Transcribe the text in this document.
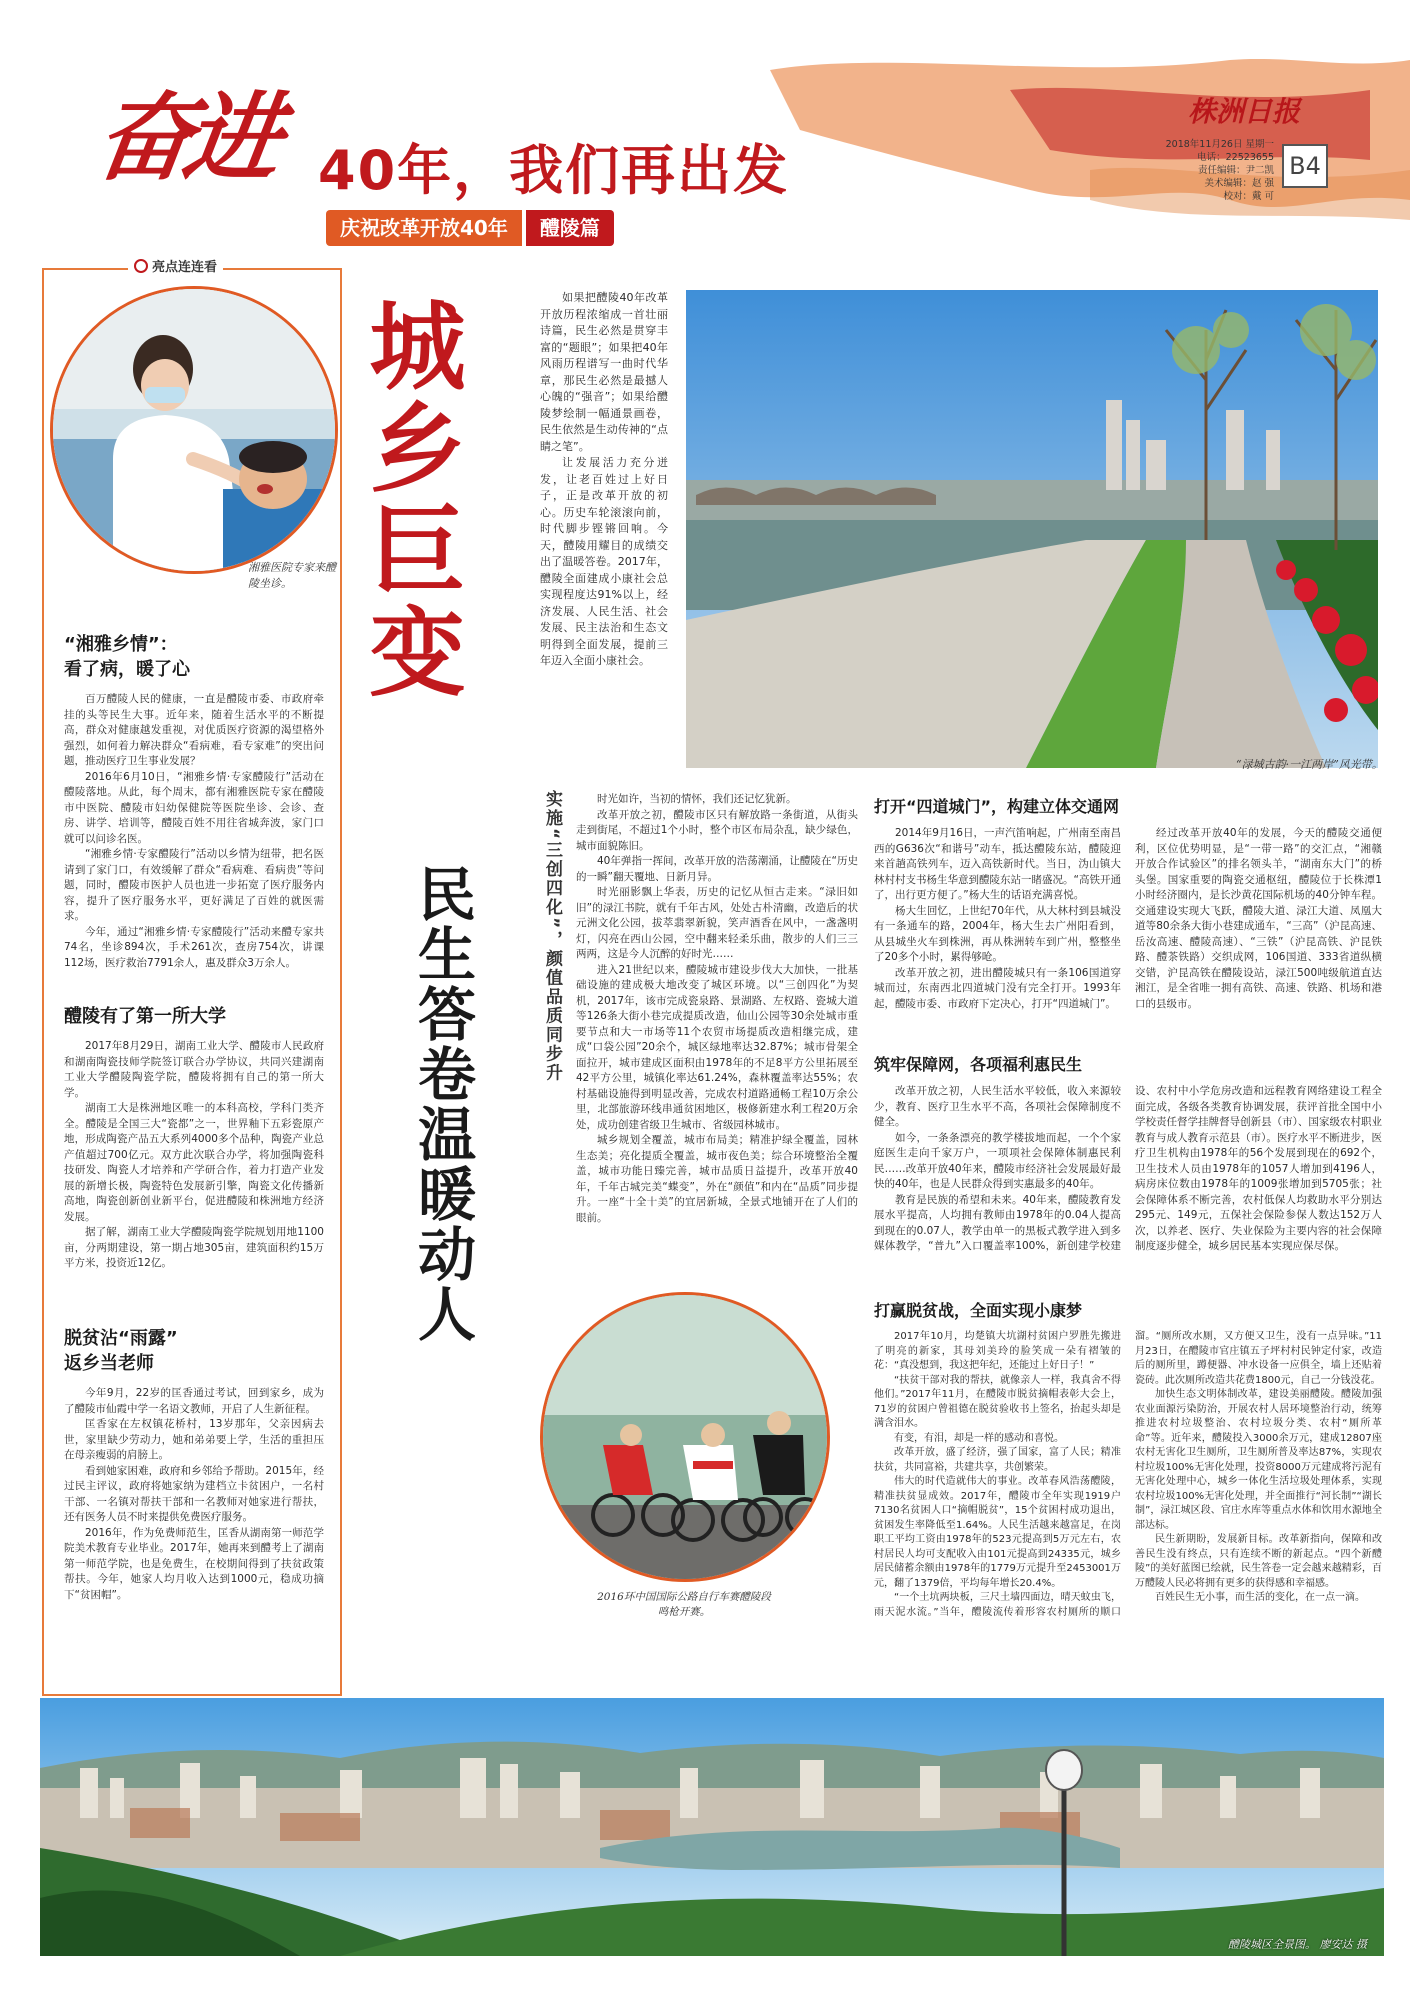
奋进 40年，我们再出发
庆祝改革开放40年	醴陵篇
株洲日报
2018年11月26日 星期一
电话：22523655
责任编辑：尹二凯
美术编辑：赵 强
校对：戴 可
B4
亮点连连看
湘雅医院专家来醴陵坐诊。
“湘雅乡情”：
看了病，暖了心

百万醴陵人民的健康，一直是醴陵市委、市政府牵挂的头等民生大事。近年来，随着生活水平的不断提高，群众对健康越发重视，对优质医疗资源的渴望格外强烈，如何着力解决群众“看病难，看专家难”的突出问题，推动医疗卫生事业发展？

2016年6月10日，“湘雅乡情·专家醴陵行”活动在醴陵落地。从此，每个周末，都有湘雅医院专家在醴陵市中医院、醴陵市妇幼保健院等医院坐诊、会诊、查房、讲学、培训等，醴陵百姓不用往省城奔波，家门口就可以问诊名医。

“湘雅乡情·专家醴陵行”活动以乡情为纽带，把名医请到了家门口，有效缓解了群众“看病难、看病贵”等问题，同时，醴陵市医护人员也进一步拓宽了医疗服务内容，提升了医疗服务水平，更好满足了百姓的就医需求。

今年，通过“湘雅乡情·专家醴陵行”活动来醴专家共74名，坐诊894次，手术261次，查房754次，讲课112场，医疗救治7791余人，惠及群众3万余人。

醴陵有了第一所大学

2017年8月29日，湖南工业大学、醴陵市人民政府和湖南陶瓷技师学院签订联合办学协议，共同兴建湖南工业大学醴陵陶瓷学院，醴陵将拥有自己的第一所大学。

湖南工大是株洲地区唯一的本科高校，学科门类齐全。醴陵是全国三大“瓷都”之一，世界釉下五彩瓷原产地，形成陶瓷产品五大系列4000多个品种，陶瓷产业总产值超过700亿元。双方此次联合办学，将加强陶瓷科技研发、陶瓷人才培养和产学研合作，着力打造产业发展的新增长极，陶瓷特色发展新引擎，陶瓷文化传播新高地，陶瓷创新创业新平台，促进醴陵和株洲地方经济发展。

据了解，湖南工业大学醴陵陶瓷学院规划用地1100亩，分两期建设，第一期占地305亩，建筑面积约15万平方米，投资近12亿。

脱贫沾“雨露”
返乡当老师

今年9月，22岁的匡香通过考试，回到家乡，成为了醴陵市仙霞中学一名语文教师，开启了人生新征程。

匡香家在左权镇花桥村，13岁那年，父亲因病去世，家里缺少劳动力，她和弟弟要上学，生活的重担压在母亲瘦弱的肩膀上。

看到她家困难，政府和乡邻给予帮助。2015年，经过民主评议，政府将她家纳为建档立卡贫困户，一名村干部、一名镇对帮扶干部和一名教师对她家进行帮扶，还有医务人员不时来提供免费医疗服务。

2016年，作为免费师范生，匡香从湖南第一师范学院美术教育专业毕业。2017年，她再来到醴考上了湖南第一师范学院，也是免费生，在校期间得到了扶贫政策帮扶。今年，她家人均月收入达到1000元，稳成功摘下“贫困帽”。

城乡巨变	如果把醴陵40年改革开放历程浓缩成一首壮丽诗篇，民生必然是贯穿丰富的“题眼”；如果把40年风雨历程谱写一曲时代华章，那民生必然是最撼人心魄的“强音”；如果给醴陵梦绘制一幅通景画卷，民生依然是生动传神的“点睛之笔”。

让发展活力充分迸发，让老百姓过上好日子，正是改革开放的初心。历史车轮滚滚向前，时代脚步铿锵回响。今天，醴陵用耀目的成绩交出了温暖答卷。2017年，醴陵全面建成小康社会总实现程度达91%以上，经济发展、人民生活、社会发展、民主法治和生态文明得到全面发展，提前三年迈入全面小康社会。

“渌城古韵·一江两岸”风光带。
民生答卷温暖动人	实施“三创四化”，颜值品质同步升	时光如许，当初的情怀，我们还记忆犹新。

改革开放之初，醴陵市区只有解放路一条街道，从街头走到街尾，不超过1个小时，整个市区布局杂乱，缺少绿色，城市面貌陈旧。

40年弹指一挥间，改革开放的浩荡潮涌，让醴陵在“历史的一瞬”翻天覆地、日新月异。

时光丽影飘上华表，历史的记忆从恒古走来。“渌旧如旧”的渌江书院，就有千年古风，处处古朴清幽，改造后的状元洲文化公园，拔萃翡翠新貌，笑声酒香在风中，一盏盏明灯，闪亮在西山公园，空中翻来轻柔乐曲，散步的人们三三两两，这是今人沉醉的好时光……

进入21世纪以来，醴陵城市建设步伐大大加快，一批基础设施的建成极大地改变了城区环境。以“三创四化”为契机，2017年，该市完成瓷泉路、景湖路、左权路、瓷城大道等126条大街小巷完成提质改造，仙山公园等30余处城市重要节点和大一市场等11个农贸市场提质改造相继完成，建成“口袋公园”20余个，城区绿地率达32.87%；城市骨架全面拉开，城市建成区面积由1978年的不足8平方公里拓展至42平方公里，城镇化率达61.24%，森林覆盖率达55%；农村基础设施得到明显改善，完成农村道路通畅工程10万余公里，北部旅游环线串通贫困地区，极修新建水利工程20万余处，成功创建省级卫生城市、省级园林城市。

城乡规划全覆盖，城市布局美；精准护绿全覆盖，园林生态美；亮化提质全覆盖，城市夜色美；综合环境整治全覆盖，城市功能日臻完善，城市品质日益提升，改革开放40年，千年古城完美“蝶变”，外在“颜值”和内在“品质”同步提升。一座“十全十美”的宜居新城，全景式地铺开在了人们的眼前。

2016环中国国际公路自行车赛醴陵段鸣枪开赛。
打开“四道城门”，构建立体交通网

2014年9月16日，一声汽笛响起，广州南至南昌西的G636次“和谐号”动车，抵达醴陵东站，醴陵迎来首趟高铁列车，迈入高铁新时代。当日，沩山镇大林村村支书杨生华意到醴陵东站一睹盛况。“高铁开通了，出行更方便了。”杨大生的话语充满喜悦。

杨大生回忆，上世纪70年代，从大林村到县城没有一条通车的路，2004年，杨大生去广州阳看到，从县城坐火车到株洲，再从株洲转车到广州，整整坐了20多个小时，累得够呛。

改革开放之初，进出醴陵城只有一条106国道穿城而过，东南西北四道城门没有完全打开。1993年起，醴陵市委、市政府下定决心，打开“四道城门”。

经过改革开放40年的发展，今天的醴陵交通便利，区位优势明显，是“一带一路”的交汇点，“湘赣开放合作试验区”的排名领头羊，“湖南东大门”的桥头堡。国家重要的陶瓷交通枢纽，醴陵位于长株潭1小时经济圈内，是长沙黄花国际机场的40分钟车程。交通建设实现大飞跃，醴陵大道、渌江大道、凤凰大道等80余条大街小巷建成通车，“三高”（沪昆高速、岳汝高速、醴陵高速）、“三铁”（沪昆高铁、沪昆铁路、醴茶铁路）交织成网，106国道、333省道纵横交错，沪昆高铁在醴陵设站，渌江500吨级航道直达湘江，是全省唯一拥有高铁、高速、铁路、机场和港口的县级市。

筑牢保障网，各项福利惠民生

改革开放之初，人民生活水平较低，收入来源较少，教育、医疗卫生水平不高，各项社会保障制度不健全。

如今，一条条漂亮的教学楼拔地而起，一个个家庭医生走向千家万户，一项项社会保障体制惠民利民……改革开放40年来，醴陵市经济社会发展最好最快的40年，也是人民群众得到实惠最多的40年。

教育是民族的希望和未来。40年来，醴陵教育发展水平提高，人均拥有教师由1978年的0.04人提高到现在的0.07人，教学由单一的黑板式教学进入到多媒体教学，“普九”入口覆盖率100%，新创建学校建设、农村中小学危房改造和远程教育网络建设工程全面完成，各级各类教育协调发展，获评首批全国中小学校责任督学挂牌督导创新县（市）、国家级农村职业教育与成人教育示范县（市）。医疗水平不断进步，医疗卫生机构由1978年的56个发展到现在的692个，卫生技术人员由1978年的1057人增加到4196人，病房床位数由1978年的1009张增加到5705张；社会保障体系不断完善，农村低保人均救助水平分别达295元、149元，五保社会保险参保人数达152万人次，以养老、医疗、失业保险为主要内容的社会保障制度逐步健全，城乡居民基本实现应保尽保。

打赢脱贫战，全面实现小康梦

2017年10月，均楚镇大坑湖村贫困户罗胜先搬进了明亮的新家，其母刘美玲的脸笑成一朵有褶皱的花：“真没想到，我这把年纪，还能过上好日子！”

“扶贫干部对我的帮扶，就像亲人一样，我真舍不得他们。”2017年11月，在醴陵市脱贫摘帽表彰大会上，71岁的贫困户曾祖德在脱贫验收书上签名，抬起头却是满含泪水。

有变，有泪，却是一样的感动和喜悦。

改革开放，盛了经济，强了国家，富了人民；精准扶贫，共同富裕，共建共享，共创繁荣。

伟大的时代造就伟大的事业。改革春风浩荡醴陵，精准扶贫显成效。2017年，醴陵市全年实现1919户7130名贫困人口“摘帽脱贫”，15个贫困村成功退出，贫困发生率降低至1.64%。人民生活越来越富足，在岗职工平均工资由1978年的523元提高到5万元左右，农村居民人均可支配收入由101元提高到24335元，城乡居民储蓄余额由1978年的1779万元提升至2453001万元，翻了1379倍，平均每年增长20.4%。

“一个土坑两块板，三尺土墙四面边，晴天蚊虫飞，雨天泥水流。”当年，醴陵流传着形容农村厕所的顺口溜。“厕所改水厕，又方便又卫生，没有一点异味。”11月23日，在醴陵市官庄镇五子坪村村民钟定付家，改造后的厕所里，蹲便器、冲水设备一应俱全，墙上还贴着瓷砖。此次厕所改造共花费1800元，自己一分钱没花。

加快生态文明体制改革，建设美丽醴陵。醴陵加强农业面源污染防治，开展农村人居环境整治行动，统筹推进农村垃圾整治、农村垃圾分类、农村“厕所革命”等。近年来，醴陵投入3000余万元，建成12807座农村无害化卫生厕所，卫生厕所普及率达87%，实现农村垃圾100%无害化处理，投资8000万元建成将污泥有无害化处理中心，城乡一体化生活垃圾处理体系，实现农村垃圾100%无害化处理，并全面推行“河长制”“湖长制”，渌江城区段、官庄水库等重点水体和饮用水源地全部达标。

民生新期盼，发展新目标。改革新指向，保障和改善民生没有终点，只有连续不断的新起点。“四个新醴陵”的美好蓝图已绘就，民生答卷一定会越来越精彩，百万醴陵人民必将拥有更多的获得感和幸福感。

百姓民生无小事，而生活的变化，在一点一滴。

醴陵城区全景图。 廖安达 摄
